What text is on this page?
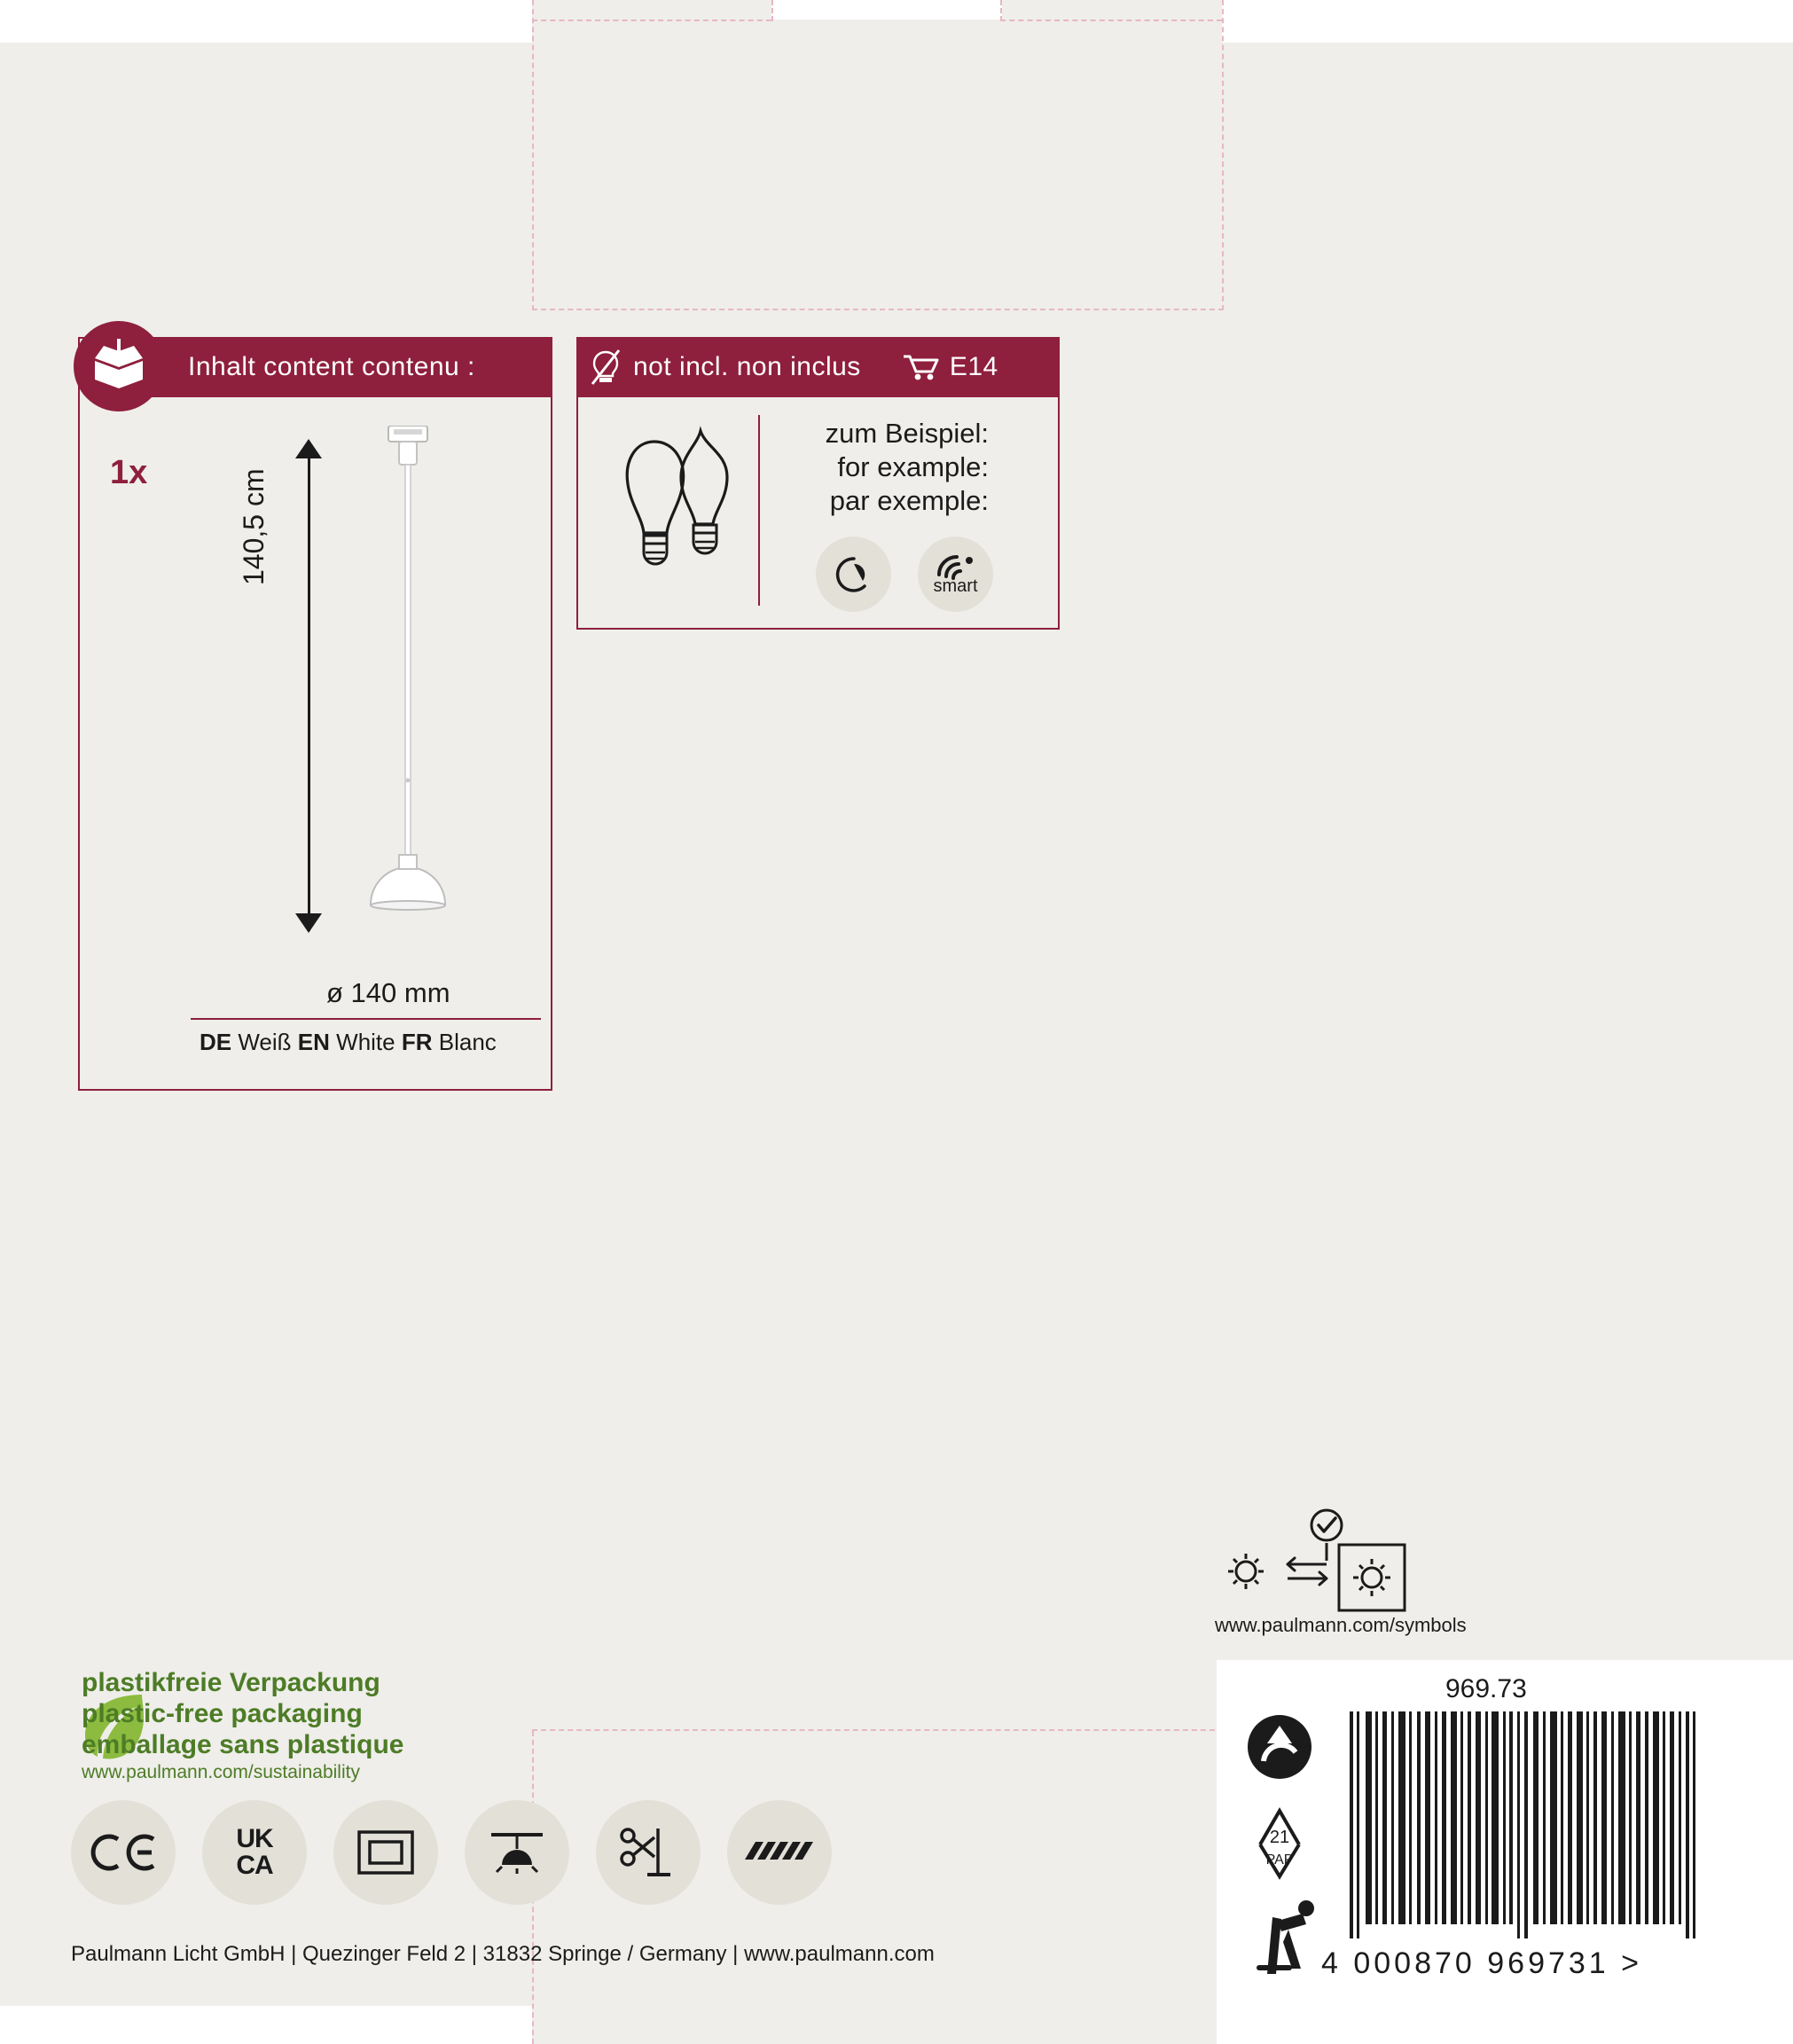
Inhalt content contenu :
1x	140,5 cm
ø 140 mm
DE Weiß EN White FR Blanc
not incl. non inclus	E14
zum Beispiel:
for example:
par exemple:
smart
www.paulmann.com/symbols
plastikfreie Verpackung
plastic-free packaging
emballage sans plastique
www.paulmann.com/sustainability
UK
CA
Paulmann Licht GmbH | Quezinger Feld 2 | 31832 Springe / Germany | www.paulmann.com
969.73
21
PAP
4 000870 969731 >
